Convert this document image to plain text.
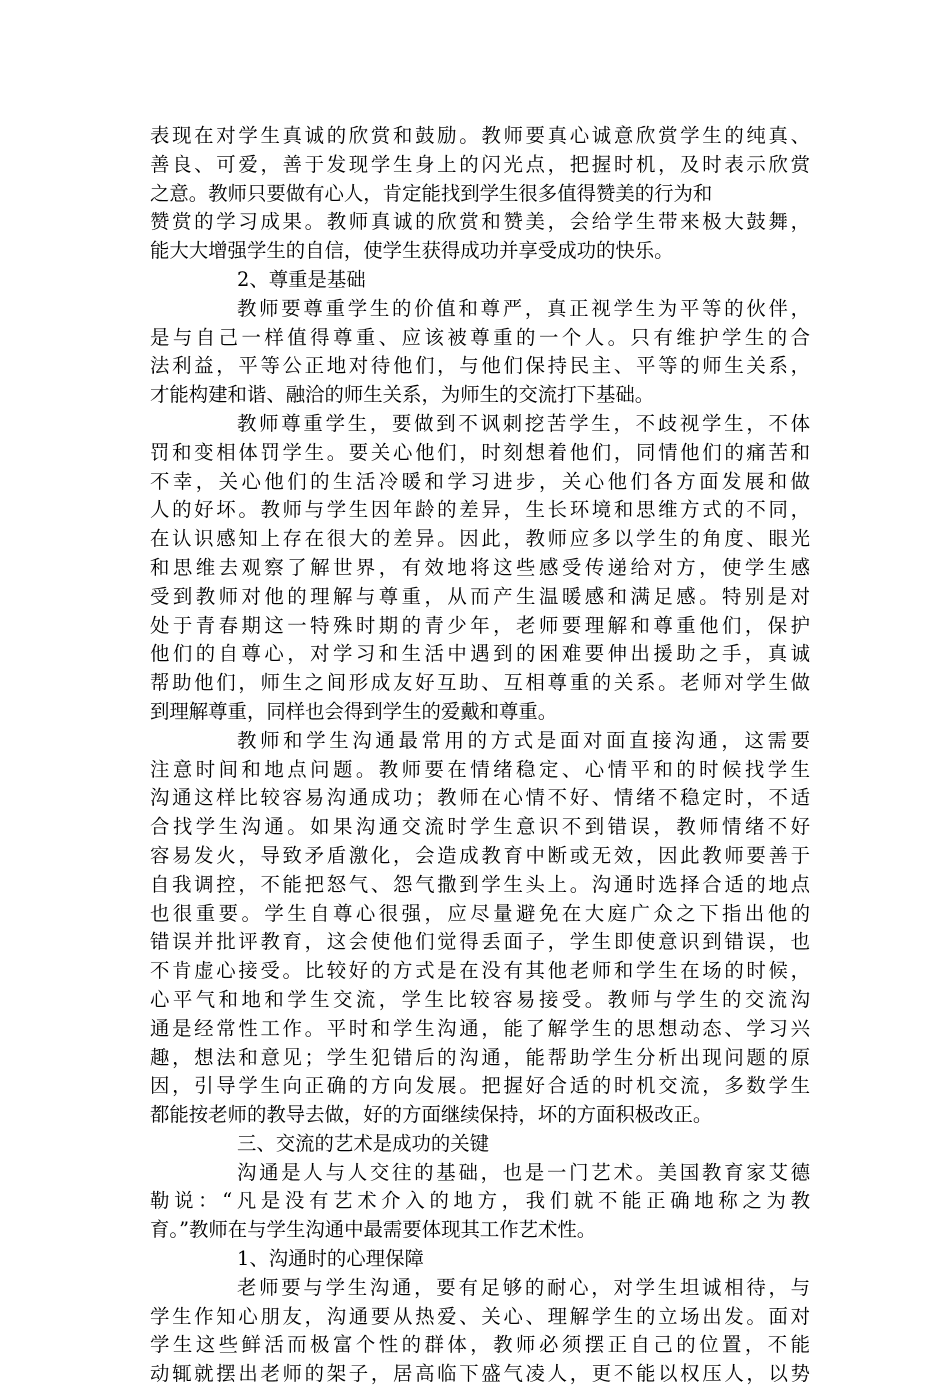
表现在对学生真诚的欣赏和鼓励。教师要真心诚意欣赏学生的纯真、
善良、可爱，善于发现学生身上的闪光点，把握时机，及时表示欣赏
之意。教师只要做有心人，肯定能找到学生很多值得赞美的行为和
赞赏的学习成果。教师真诚的欣赏和赞美，会给学生带来极大鼓舞，
能大大增强学生的自信，使学生获得成功并享受成功的快乐。
2、尊重是基础
教师要尊重学生的价值和尊严，真正视学生为平等的伙伴，
是与自己一样值得尊重、应该被尊重的一个人。只有维护学生的合
法利益，平等公正地对待他们，与他们保持民主、平等的师生关系，
才能构建和谐、融洽的师生关系，为师生的交流打下基础。
教师尊重学生，要做到不讽刺挖苦学生，不歧视学生，不体
罚和变相体罚学生。要关心他们，时刻想着他们，同情他们的痛苦和
不幸，关心他们的生活冷暖和学习进步，关心他们各方面发展和做
人的好坏。教师与学生因年龄的差异，生长环境和思维方式的不同，
在认识感知上存在很大的差异。因此，教师应多以学生的角度、眼光
和思维去观察了解世界，有效地将这些感受传递给对方，使学生感
受到教师对他的理解与尊重，从而产生温暖感和满足感。特别是对
处于青春期这一特殊时期的青少年，老师要理解和尊重他们，保护
他们的自尊心，对学习和生活中遇到的困难要伸出援助之手，真诚
帮助他们，师生之间形成友好互助、互相尊重的关系。老师对学生做
到理解尊重，同样也会得到学生的爱戴和尊重。
教师和学生沟通最常用的方式是面对面直接沟通，这需要
注意时间和地点问题。教师要在情绪稳定、心情平和的时候找学生
沟通这样比较容易沟通成功；教师在心情不好、情绪不稳定时，不适
合找学生沟通。如果沟通交流时学生意识不到错误，教师情绪不好
容易发火，导致矛盾激化，会造成教育中断或无效，因此教师要善于
自我调控，不能把怒气、怨气撒到学生头上。沟通时选择合适的地点
也很重要。学生自尊心很强，应尽量避免在大庭广众之下指出他的
错误并批评教育，这会使他们觉得丢面子，学生即使意识到错误，也
不肯虚心接受。比较好的方式是在没有其他老师和学生在场的时候，
心平气和地和学生交流，学生比较容易接受。教师与学生的交流沟
通是经常性工作。平时和学生沟通，能了解学生的思想动态、学习兴
趣，想法和意见；学生犯错后的沟通，能帮助学生分析出现问题的原
因，引导学生向正确的方向发展。把握好合适的时机交流，多数学生
都能按老师的教导去做，好的方面继续保持，坏的方面积极改正。
三、交流的艺术是成功的关键
沟通是人与人交往的基础，也是一门艺术。美国教育家艾德
勒说：“凡是没有艺术介入的地方，我们就不能正确地称之为教
育。”教师在与学生沟通中最需要体现其工作艺术性。
1、沟通时的心理保障
老师要与学生沟通，要有足够的耐心，对学生坦诚相待，与
学生作知心朋友，沟通要从热爱、关心、理解学生的立场出发。面对
学生这些鲜活而极富个性的群体，教师必须摆正自己的位置，不能
动辄就摆出老师的架子，居高临下盛气凌人，更不能以权压人，以势
